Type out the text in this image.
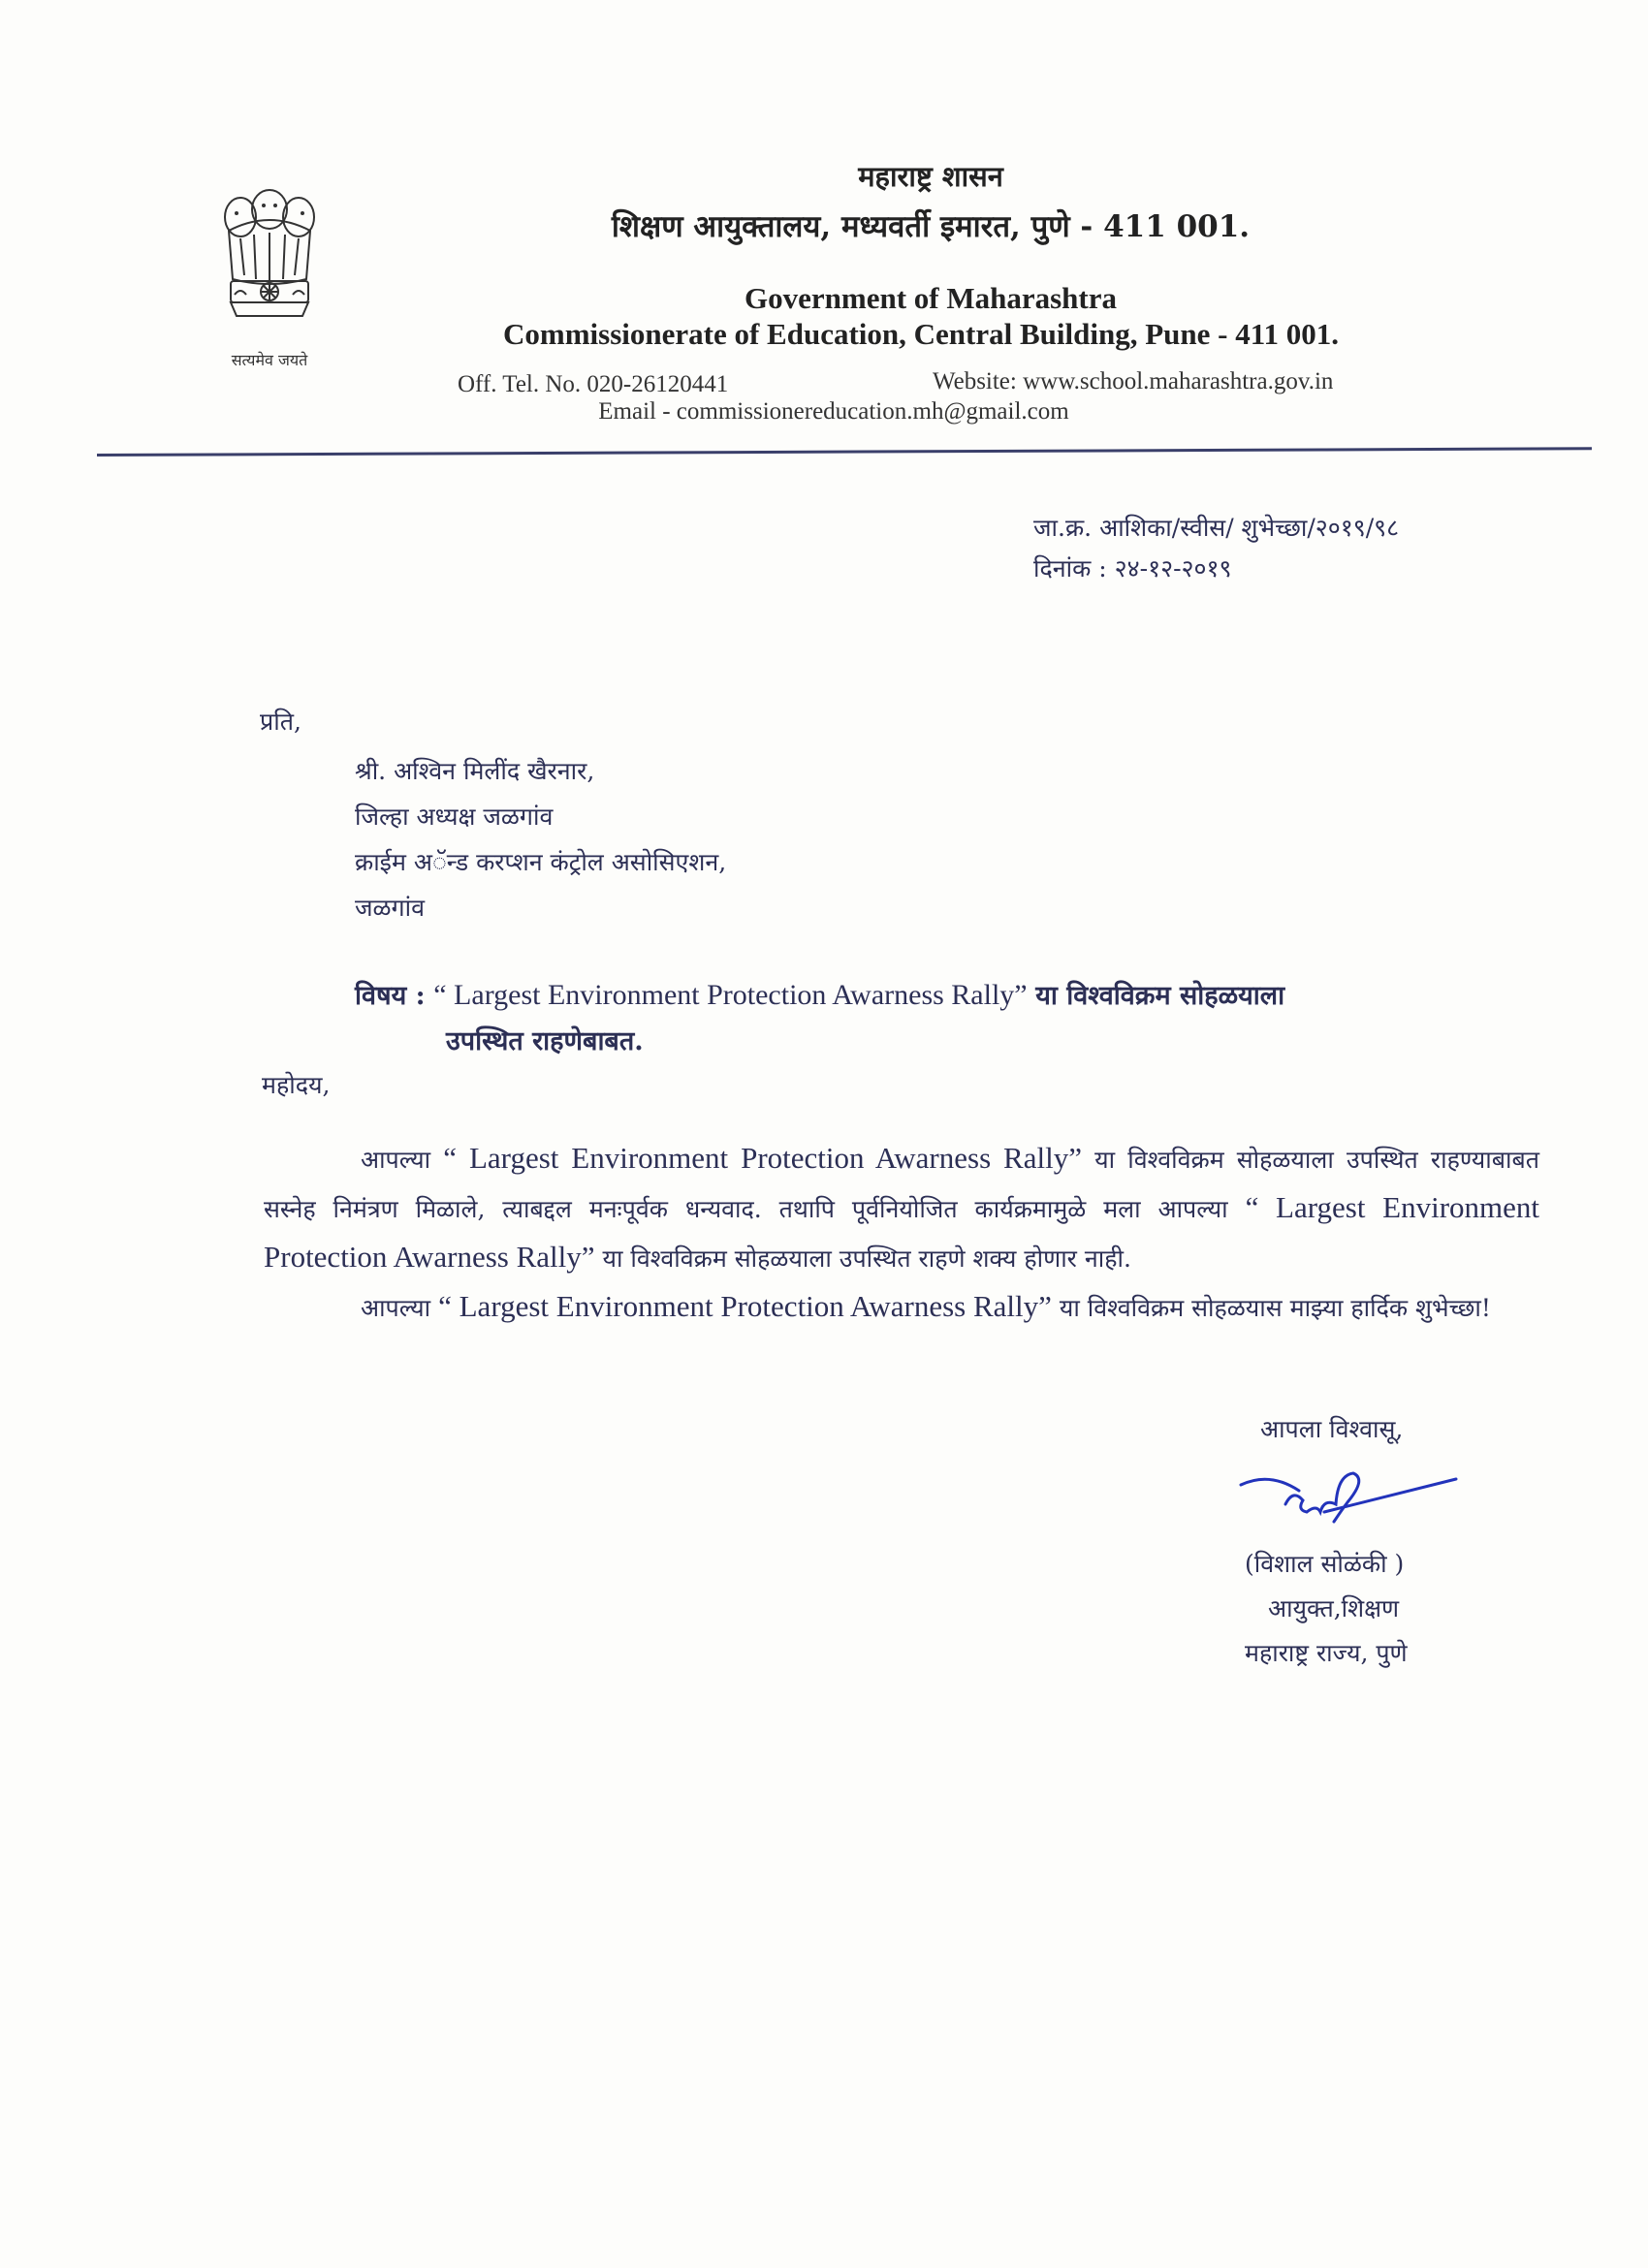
सत्यमेव जयते
महाराष्ट्र शासन
शिक्षण आयुक्तालय, मध्यवर्ती इमारत, पुणे - 411 001.
Government of Maharashtra
Commissionerate of Education, Central Building, Pune - 411 001.
Off. Tel. No. 020-26120441	Website: www.school.maharashtra.gov.in
Email - commissionereducation.mh@gmail.com
जा.क्र. आशिका/स्वीस/ शुभेच्छा/२०१९/९८
दिनांक : २४-१२-२०१९
प्रति,
श्री. अश्विन मिलींद खैरनार,
जिल्हा अध्यक्ष जळगांव
क्राईम अॅन्ड करप्शन कंट्रोल असोसिएशन,
जळगांव
विषय : “ Largest Environment Protection Awarness Rally” या विश्वविक्रम सोहळयाला
उपस्थित राहणेबाबत.
महोदय,

आपल्या “ Largest Environment Protection Awarness Rally” या विश्वविक्रम सोहळयाला उपस्थित राहण्याबाबत सस्नेह निमंत्रण मिळाले, त्याबद्दल मनःपूर्वक धन्यवाद. तथापि पूर्वनियोजित कार्यक्रमामुळे मला आपल्या “ Largest Environment Protection Awarness Rally” या विश्वविक्रम सोहळयाला उपस्थित राहणे शक्य होणार नाही.

आपल्या “ Largest Environment Protection Awarness Rally” या विश्वविक्रम सोहळयास माझ्या हार्दिक शुभेच्छा!

आपला विश्वासू,
(विशाल सोळंकी )
आयुक्त,शिक्षण
महाराष्ट्र राज्य, पुणे
